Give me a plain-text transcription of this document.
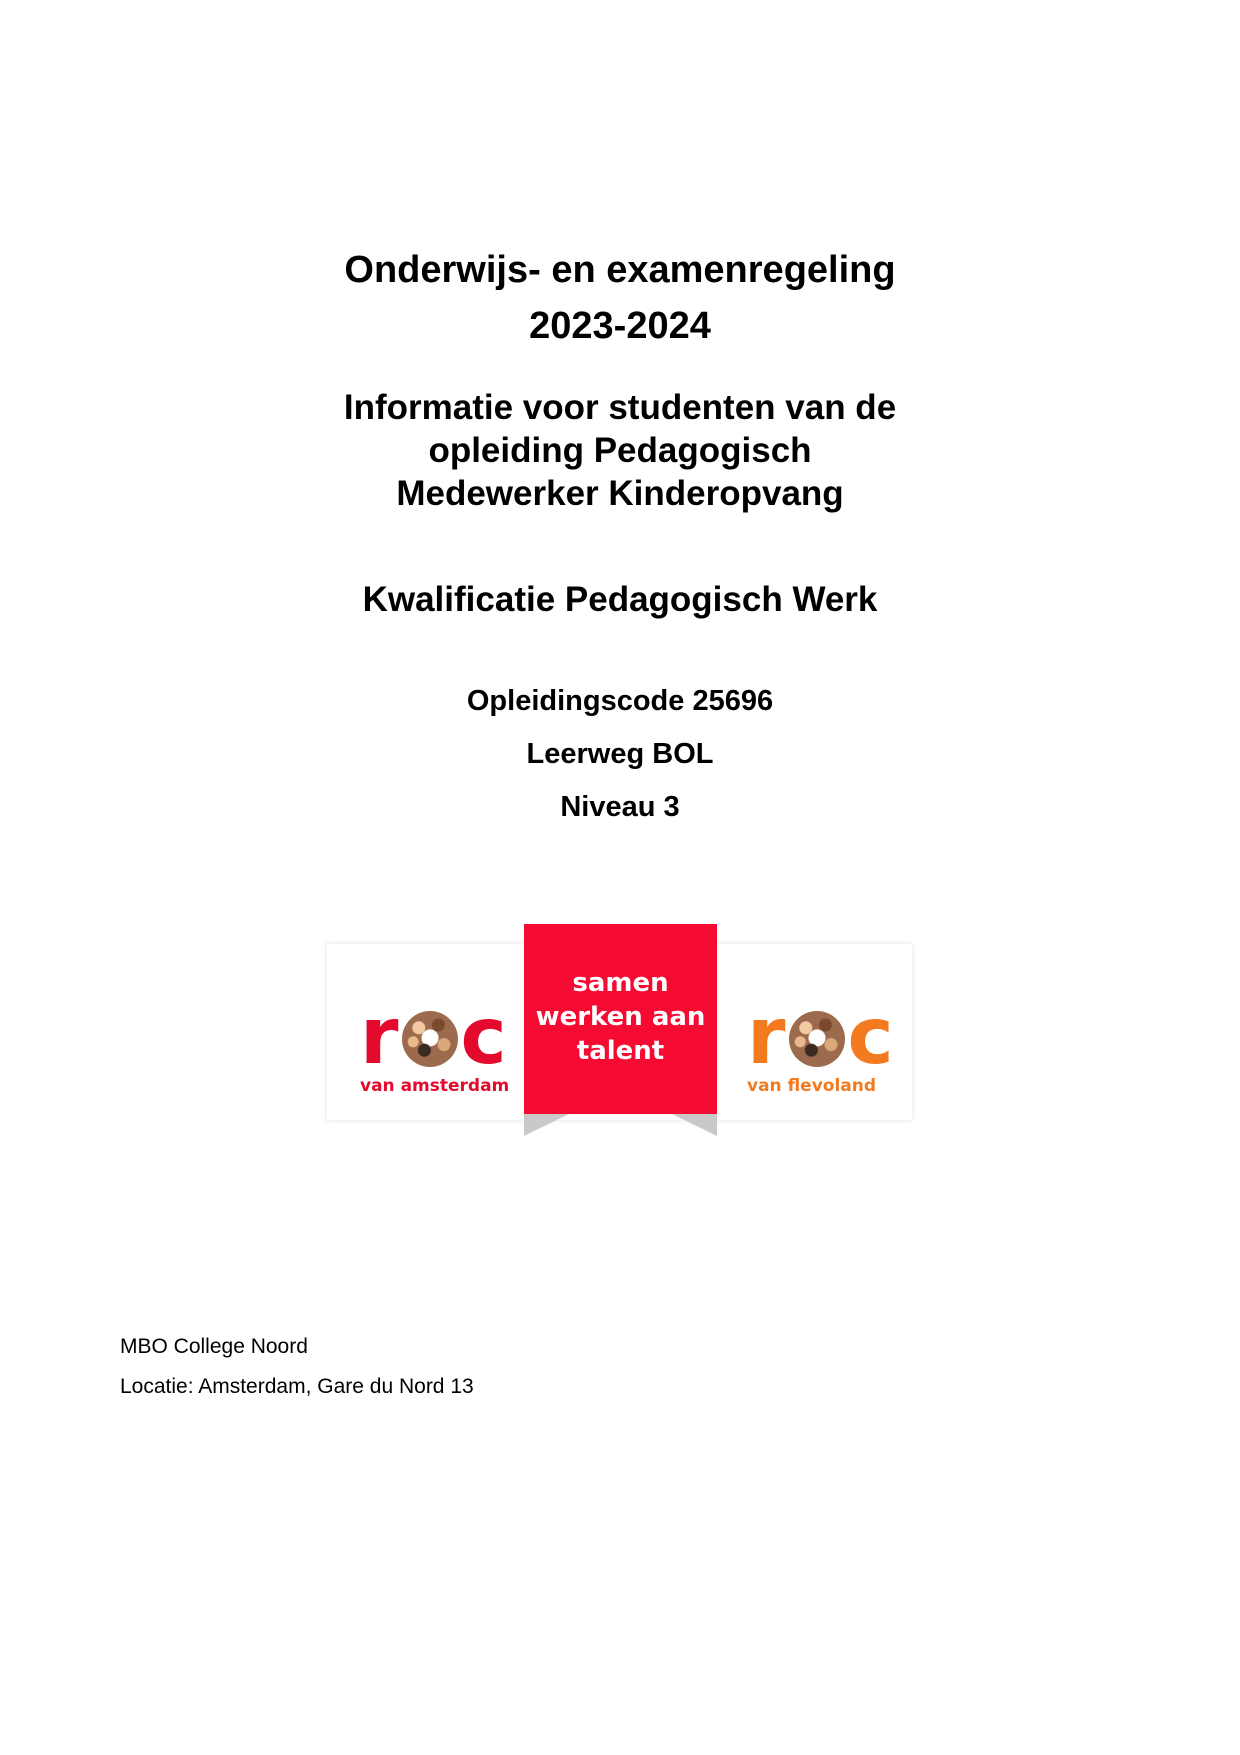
Onderwijs- en examenregeling
2023-2024
Informatie voor studenten van de
opleiding Pedagogisch
Medewerker Kinderopvang
Kwalificatie Pedagogisch Werk
Opleidingscode 25696
Leerweg BOL
Niveau 3
r c
van amsterdam
samen
werken aan
talent	r c
van flevoland
MBO College Noord
Locatie: Amsterdam, Gare du Nord 13
